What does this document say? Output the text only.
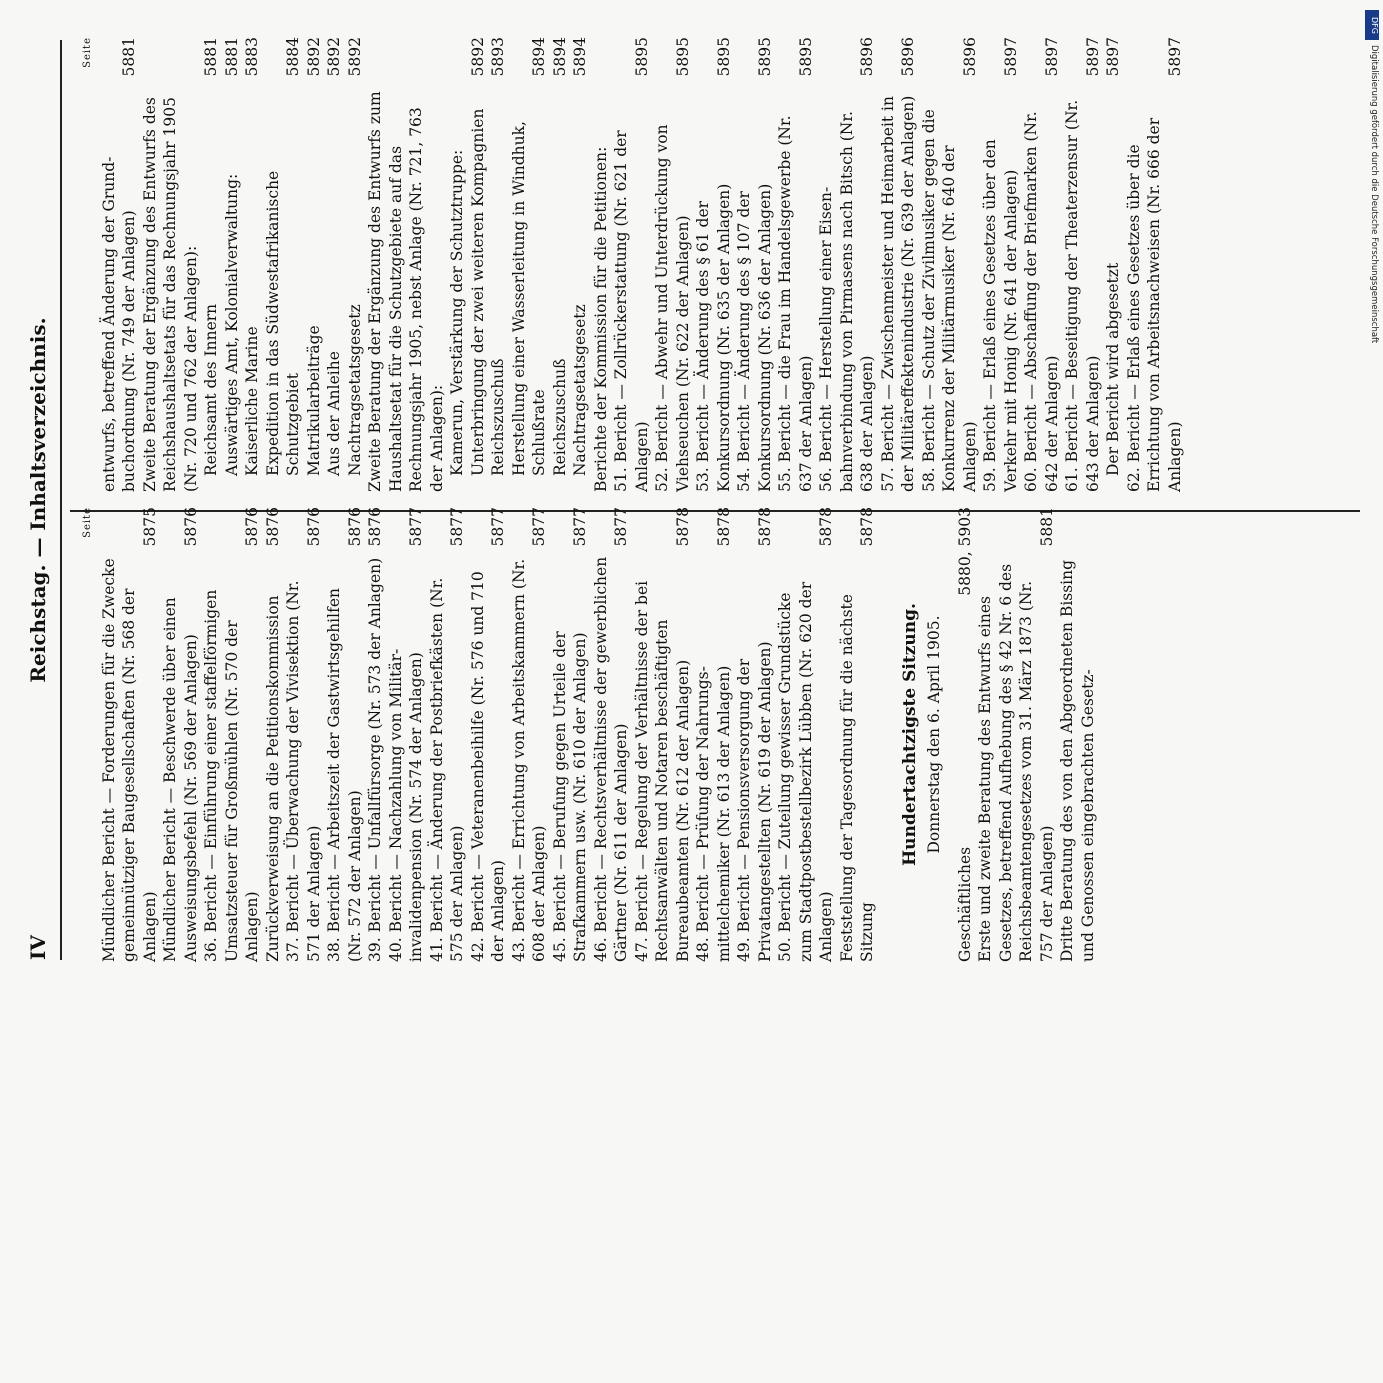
IV
Reichstag. — Inhaltsverzeichnis.	Seite
Mündlicher Bericht — Forderungen für die Zwecke gemeinnütziger Baugesellschaften (Nr. 568 der Anlagen)
5875
Mündlicher Bericht — Beschwerde über einen Ausweisungsbefehl (Nr. 569 der Anlagen)
5876
36. Bericht — Einführung einer staffelförmigen Umsatzsteuer für Großmühlen (Nr. 570 der Anlagen)
5876
Zurückverweisung an die Petitionskommission
5876
37. Bericht — Überwachung der Vivisektion (Nr. 571 der Anlagen)
5876
38. Bericht — Arbeitszeit der Gastwirtsgehilfen (Nr. 572 der Anlagen)
5876
39. Bericht — Unfallfürsorge (Nr. 573 der Anlagen)
5876
40. Bericht — Nachzahlung von Militärinvalidenpension (Nr. 574 der Anlagen)
5877
41. Bericht — Änderung der Postbriefkästen (Nr. 575 der Anlagen)
5877
42. Bericht — Veteranenbeihilfe (Nr. 576 und 710 der Anlagen)
5877
43. Bericht — Errichtung von Arbeitskammern (Nr. 608 der Anlagen)
5877
45. Bericht — Berufung gegen Urteile der Strafkammern usw. (Nr. 610 der Anlagen)
5877
46. Bericht — Rechtsverhältnisse der gewerblichen Gärtner (Nr. 611 der Anlagen)
5877
47. Bericht — Regelung der Verhältnisse der bei Rechtsanwälten und Notaren beschäftigten Bureaubeamten (Nr. 612 der Anlagen)
5878
48. Bericht — Prüfung der Nahrungsmittelchemiker (Nr. 613 der Anlagen)
5878
49. Bericht — Pensionsversorgung der Privatangestellten (Nr. 619 der Anlagen)
5878
50. Bericht — Zuteilung gewisser Grundstücke zum Stadtpostbestellbezirk Lübben (Nr. 620 der Anlagen)
5878
Feststellung der Tagesordnung für die nächste Sitzung
5878
Hundertachtzigste Sitzung. Donnerstag den 6. April 1905.
Geschäftliches
5880, 5903
Erste und zweite Beratung des Entwurfs eines Gesetzes, betreffend Aufhebung des § 42 Nr. 6 des Reichsbeamtengesetzes vom 31. März 1873 (Nr. 757 der Anlagen)
5881
Dritte Beratung des von den Abgeordneten Bissing und Genossen eingebrachten Gesetz-
Seite
entwurfs, betreffend Änderung der Grundbuchordnung (Nr. 749 der Anlagen)
5881
Zweite Beratung der Ergänzung des Entwurfs des Reichshaushaltsetats für das Rechnungsjahr 1905 (Nr. 720 und 762 der Anlagen): Reichsamt des Innern
5881
Auswärtiges Amt, Kolonialverwaltung:
5881
Kaiserliche Marine
5883
Expedition in das Südwestafrikanische Schutzgebiet
5884
Matrikularbeiträge
5892
Aus der Anleihe
5892
Nachtragsetatsgesetz
5892
Zweite Beratung der Ergänzung des Entwurfs zum Haushaltsetat für die Schutzgebiete auf das Rechnungsjahr 1905, nebst Anlage (Nr. 721, 763 der Anlagen): Kamerun, Verstärkung der Schutztruppe: Unterbringung der zwei weiteren Kompagnien
5892
Reichszuschuß
5893
Herstellung einer Wasserleitung in Windhuk, Schlußrate
5894
Reichszuschuß
5894
Nachtragsetatsgesetz
5894
Berichte der Kommission für die Petitionen: 51. Bericht — Zollrückerstattung (Nr. 621 der Anlagen)
5895
52. Bericht — Abwehr und Unterdrückung von Viehseuchen (Nr. 622 der Anlagen)
5895
53. Bericht — Änderung des § 61 der Konkursordnung (Nr. 635 der Anlagen)
5895
54. Bericht — Änderung des § 107 der Konkursordnung (Nr. 636 der Anlagen)
5895
55. Bericht — die Frau im Handelsgewerbe (Nr. 637 der Anlagen)
5895
56. Bericht — Herstellung einer Eisenbahnverbindung von Pirmasens nach Bitsch (Nr. 638 der Anlagen)
5896
57. Bericht — Zwischenmeister und Heimarbeit in der Militäreffektenindustrie (Nr. 639 der Anlagen)
5896
58. Bericht — Schutz der Zivilmusiker gegen die Konkurrenz der Militärmusiker (Nr. 640 der Anlagen)
5896
59. Bericht — Erlaß eines Gesetzes über den Verkehr mit Honig (Nr. 641 der Anlagen)
5897
60. Bericht — Abschaffung der Briefmarken (Nr. 642 der Anlagen)
5897
61. Bericht — Beseitigung der Theaterzensur (Nr. 643 der Anlagen)
5897
Der Bericht wird abgesetzt
5897
62. Bericht — Erlaß eines Gesetzes über die Errichtung von Arbeitsnachweisen (Nr. 666 der Anlagen)
5897
DFG
Digitalisierung gefördert durch die Deutsche Forschungsgemeinschaft
